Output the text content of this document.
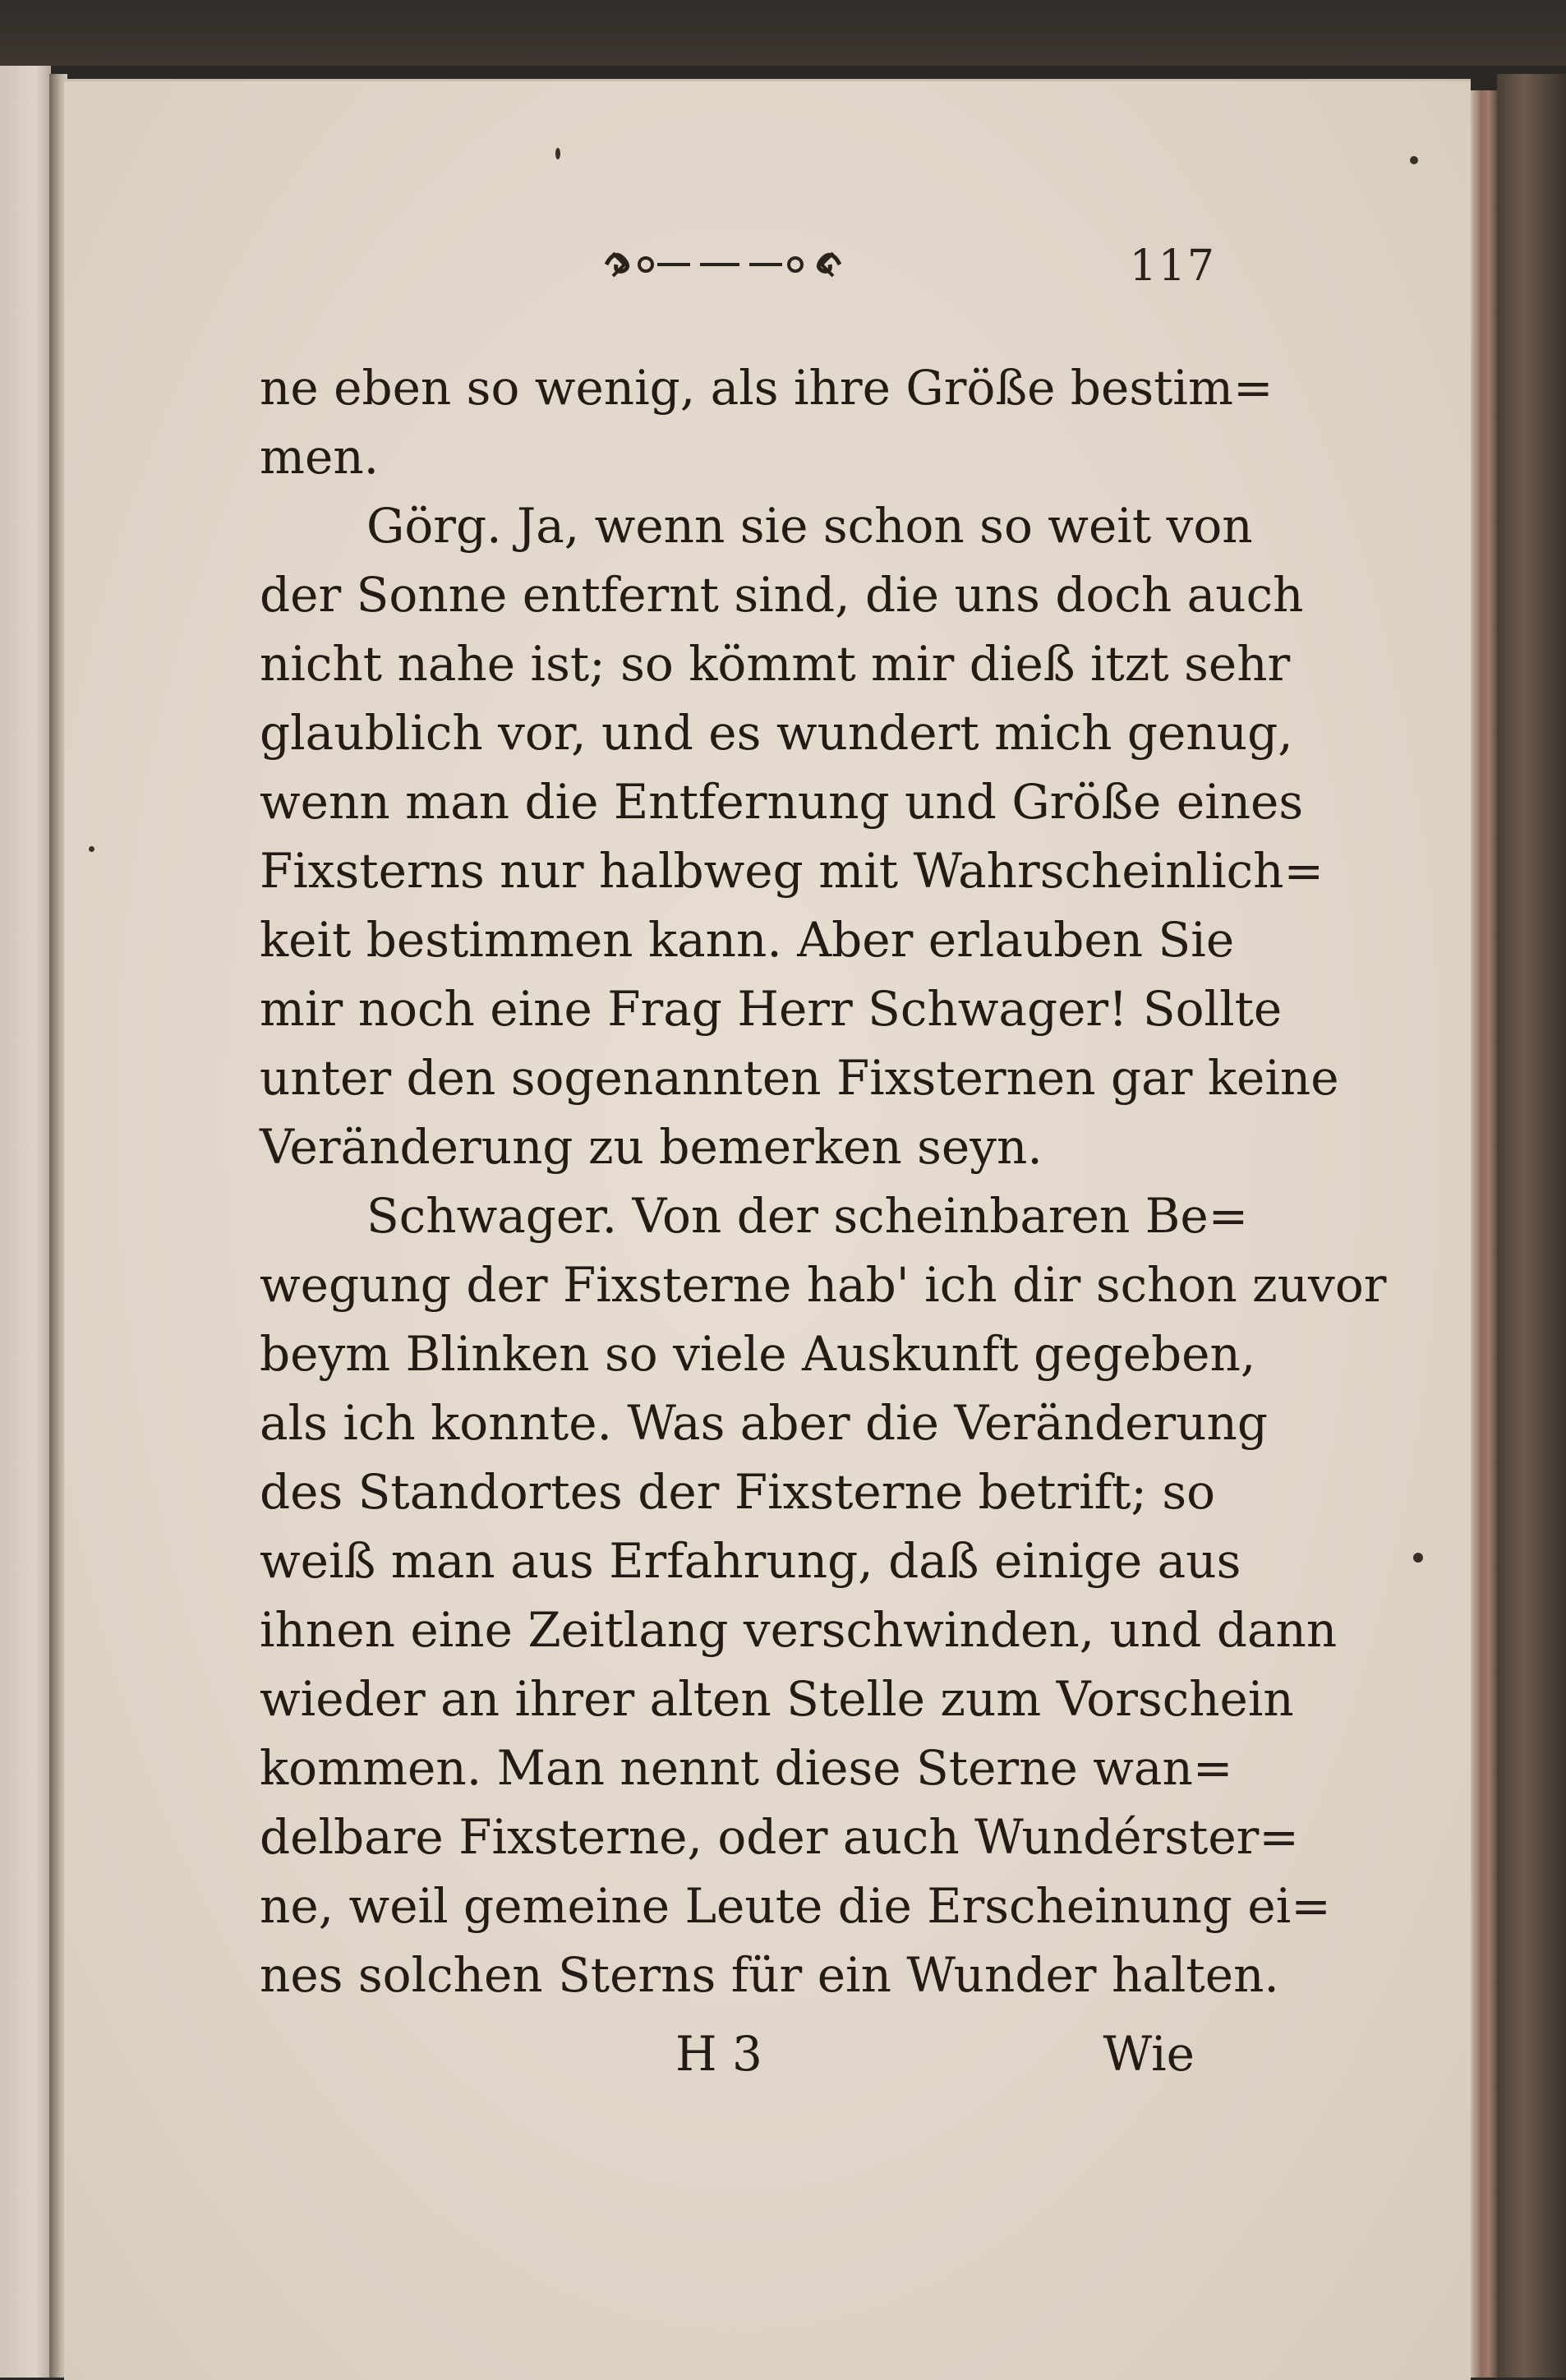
117
ne eben so wenig, als ihre Größe bestim=
men.
Görg. Ja, wenn sie schon so weit von
der Sonne entfernt sind, die uns doch auch
nicht nahe ist; so kömmt mir dieß itzt sehr
glaublich vor, und es wundert mich genug,
wenn man die Entfernung und Größe eines
Fixsterns nur halbweg mit Wahrscheinlich=
keit bestimmen kann. Aber erlauben Sie
mir noch eine Frag Herr Schwager! Sollte
unter den sogenannten Fixsternen gar keine
Veränderung zu bemerken seyn.
Schwager. Von der scheinbaren Be=
wegung der Fixsterne hab' ich dir schon zuvor
beym Blinken so viele Auskunft gegeben,
als ich konnte. Was aber die Veränderung
des Standortes der Fixsterne betrift; so
weiß man aus Erfahrung, daß einige aus
ihnen eine Zeitlang verschwinden, und dann
wieder an ihrer alten Stelle zum Vorschein
kommen. Man nennt diese Sterne wan=
delbare Fixsterne, oder auch Wundérster=
ne, weil gemeine Leute die Erscheinung ei=
nes solchen Sterns für ein Wunder halten.
H 3	Wie
